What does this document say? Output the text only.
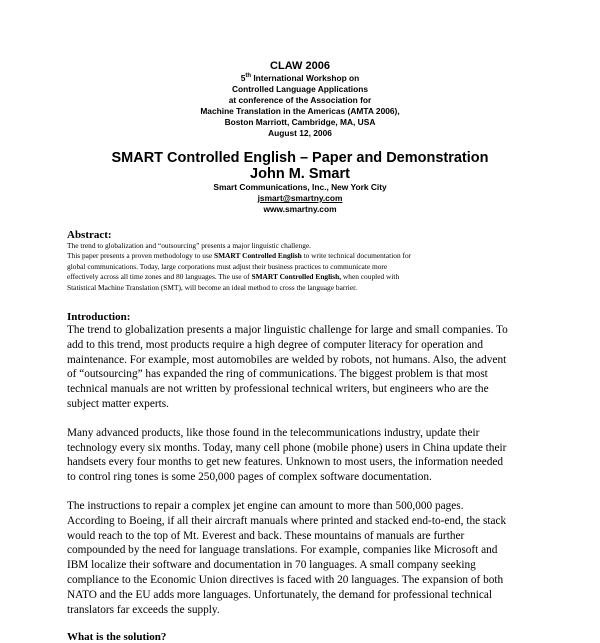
CLAW 2006
5th International Workshop on
Controlled Language Applications
at conference of the Association for
Machine Translation in the Americas (AMTA 2006),
Boston Marriott, Cambridge, MA, USA
August 12, 2006
SMART Controlled English – Paper and Demonstration
John M. Smart
Smart Communications, Inc., New York City
jsmart@smartny.com
www.smartny.com
Abstract:
The trend to globalization and “outsourcing” presents a major linguistic challenge.
This paper presents a proven methodology to use SMART Controlled English to write technical documentation for
global communications. Today, large corporations must adjust their business practices to communicate more
effectively across all time zones and 80 languages. The use of SMART Controlled English, when coupled with
Statistical Machine Translation (SMT), will become an ideal method to cross the language barrier.
Introduction:
The trend to globalization presents a major linguistic challenge for large and small companies. To
add to this trend, most products require a high degree of computer literacy for operation and
maintenance. For example, most automobiles are welded by robots, not humans. Also, the advent
of “outsourcing” has expanded the ring of communications. The biggest problem is that most
technical manuals are not written by professional technical writers, but engineers who are the
subject matter experts.
Many advanced products, like those found in the telecommunications industry, update their
technology every six months. Today, many cell phone (mobile phone) users in China update their
handsets every four months to get new features. Unknown to most users, the information needed
to control ring tones is some 250,000 pages of complex software documentation.
The instructions to repair a complex jet engine can amount to more than 500,000 pages.
According to Boeing, if all their aircraft manuals where printed and stacked end-to-end, the stack
would reach to the top of Mt. Everest and back. These mountains of manuals are further
compounded by the need for language translations. For example, companies like Microsoft and
IBM localize their software and documentation in 70 languages. A small company seeking
compliance to the Economic Union directives is faced with 20 languages. The expansion of both
NATO and the EU adds more languages. Unfortunately, the demand for professional technical
translators far exceeds the supply.
What is the solution?
